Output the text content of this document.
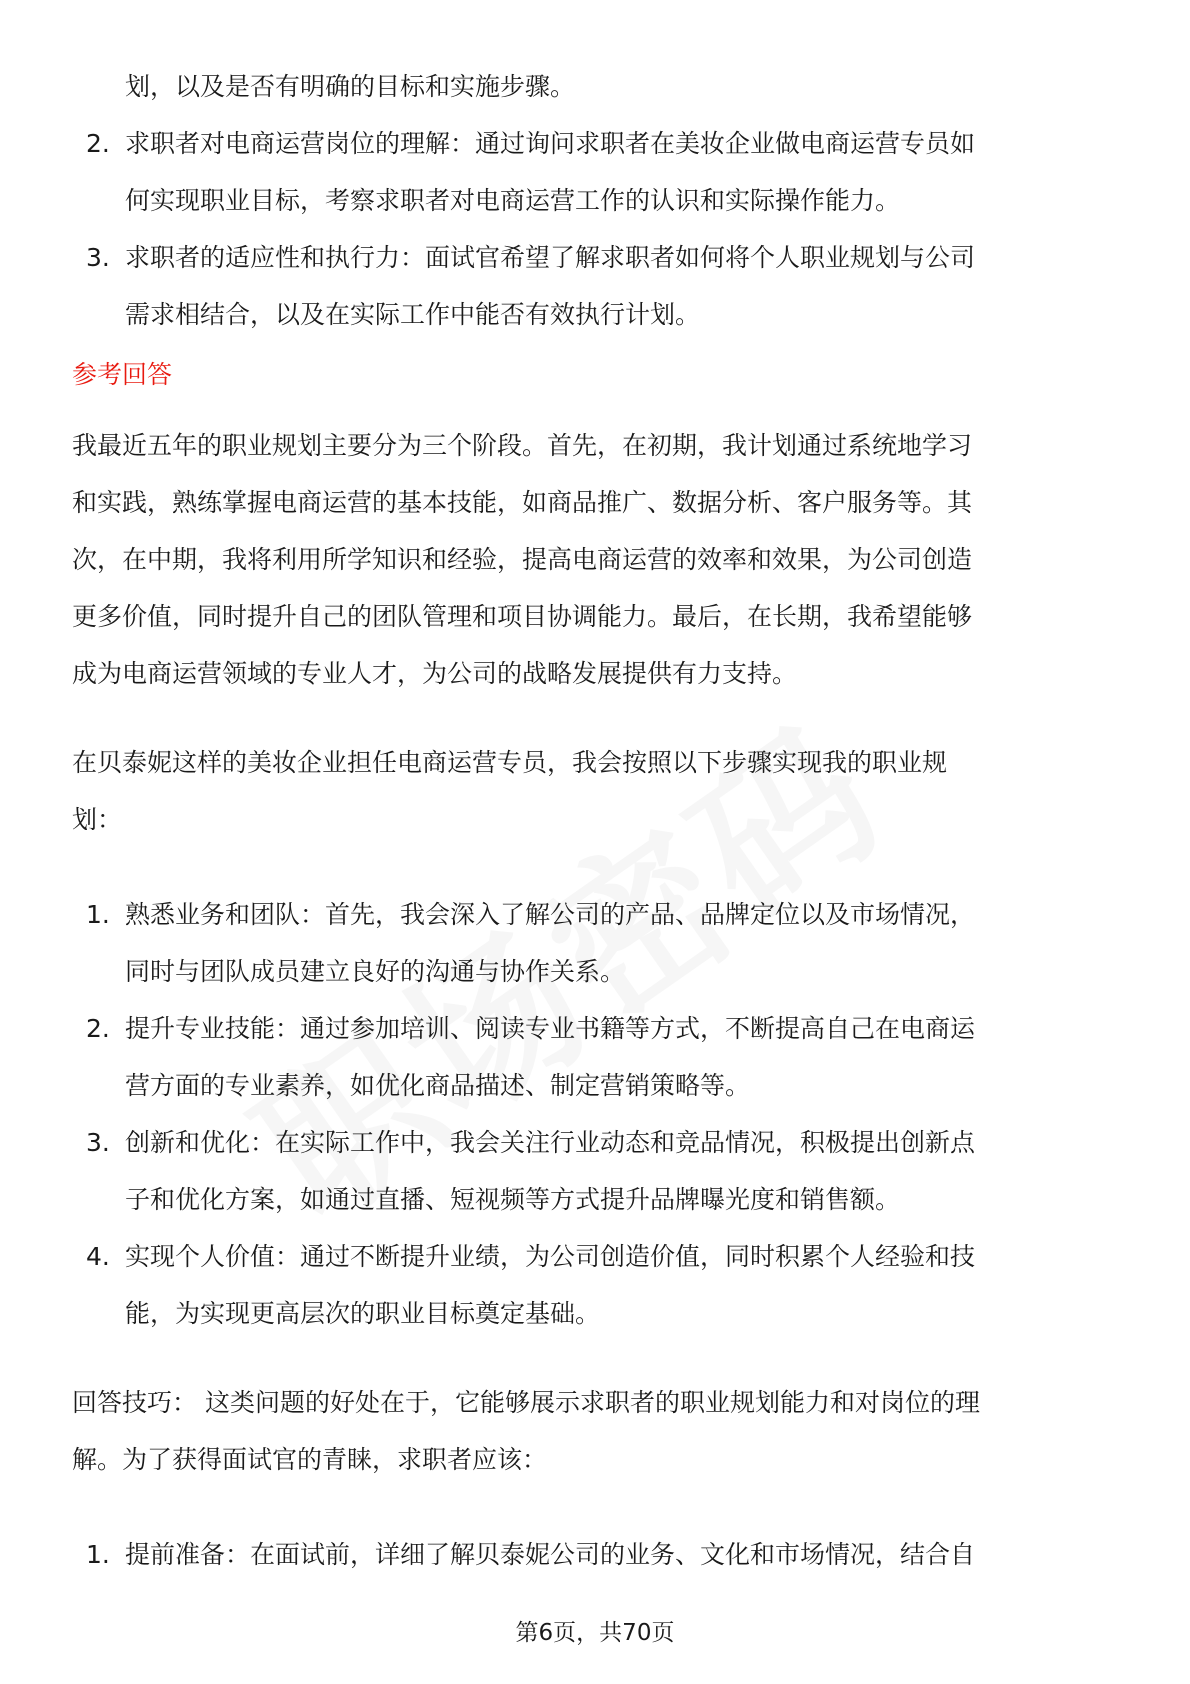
划，以及是否有明确的目标和实施步骤。
2. 求职者对电商运营岗位的理解：通过询问求职者在美妆企业做电商运营专员如
何实现职业目标，考察求职者对电商运营工作的认识和实际操作能力。
3. 求职者的适应性和执行力：面试官希望了解求职者如何将个人职业规划与公司
需求相结合，以及在实际工作中能否有效执行计划。

参考回答

我最近五年的职业规划主要分为三个阶段。首先，在初期，我计划通过系统地学习
和实践，熟练掌握电商运营的基本技能，如商品推广、数据分析、客户服务等。其
次，在中期，我将利用所学知识和经验，提高电商运营的效率和效果，为公司创造
更多价值，同时提升自己的团队管理和项目协调能力。最后，在长期，我希望能够
成为电商运营领域的专业人才，为公司的战略发展提供有力支持。

在贝泰妮这样的美妆企业担任电商运营专员，我会按照以下步骤实现我的职业规
划：

1. 熟悉业务和团队：首先，我会深入了解公司的产品、品牌定位以及市场情况，
同时与团队成员建立良好的沟通与协作关系。
2. 提升专业技能：通过参加培训、阅读专业书籍等方式，不断提高自己在电商运
营方面的专业素养，如优化商品描述、制定营销策略等。
3. 创新和优化：在实际工作中，我会关注行业动态和竞品情况，积极提出创新点
子和优化方案，如通过直播、短视频等方式提升品牌曝光度和销售额。
4. 实现个人价值：通过不断提升业绩，为公司创造价值，同时积累个人经验和技
能，为实现更高层次的职业目标奠定基础。

回答技巧： 这类问题的好处在于，它能够展示求职者的职业规划能力和对岗位的理
解。为了获得面试官的青睐，求职者应该：

1. 提前准备：在面试前，详细了解贝泰妮公司的业务、文化和市场情况，结合自
第6页，共70页
